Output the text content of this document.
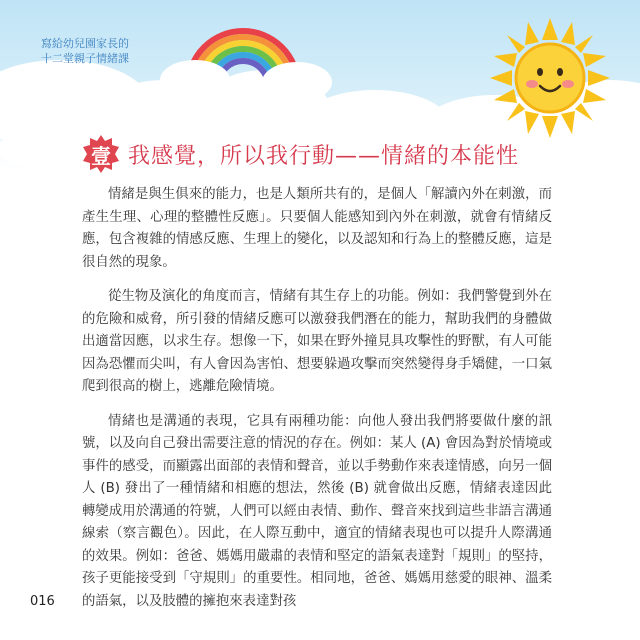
寫給幼兒園家長的
十二堂親子情緒課
壹 我感覺，所以我行動——情緒的本能性

情緒是與生俱來的能力，也是人類所共有的，是個人「解讀內外在刺激，而產生生理、心理的整體性反應」。只要個人能感知到內外在刺激，就會有情緒反應，包含複雜的情感反應、生理上的變化，以及認知和行為上的整體反應，這是很自然的現象。

從生物及演化的角度而言，情緒有其生存上的功能。例如：我們警覺到外在的危險和威脅，所引發的情緒反應可以激發我們潛在的能力，幫助我們的身體做出適當因應，以求生存。想像一下，如果在野外撞見具攻擊性的野獸，有人可能因為恐懼而尖叫，有人會因為害怕、想要躲過攻擊而突然變得身手矯健，一口氣爬到很高的樹上，逃離危險情境。

情緒也是溝通的表現，它具有兩種功能：向他人發出我們將要做什麼的訊號，以及向自己發出需要注意的情況的存在。例如：某人 (A) 會因為對於情境或事件的感受，而顯露出面部的表情和聲音，並以手勢動作來表達情感，向另一個人 (B) 發出了一種情緒和相應的想法，然後 (B) 就會做出反應，情緒表達因此轉變成用於溝通的符號，人們可以經由表情、動作、聲音來找到這些非語言溝通線索（察言觀色）。因此，在人際互動中，適宜的情緒表現也可以提升人際溝通的效果。例如：爸爸、媽媽用嚴肅的表情和堅定的語氣表達對「規則」的堅持，孩子更能接受到「守規則」的重要性。相同地，爸爸、媽媽用慈愛的眼神、溫柔的語氣，以及肢體的擁抱來表達對孩

016
